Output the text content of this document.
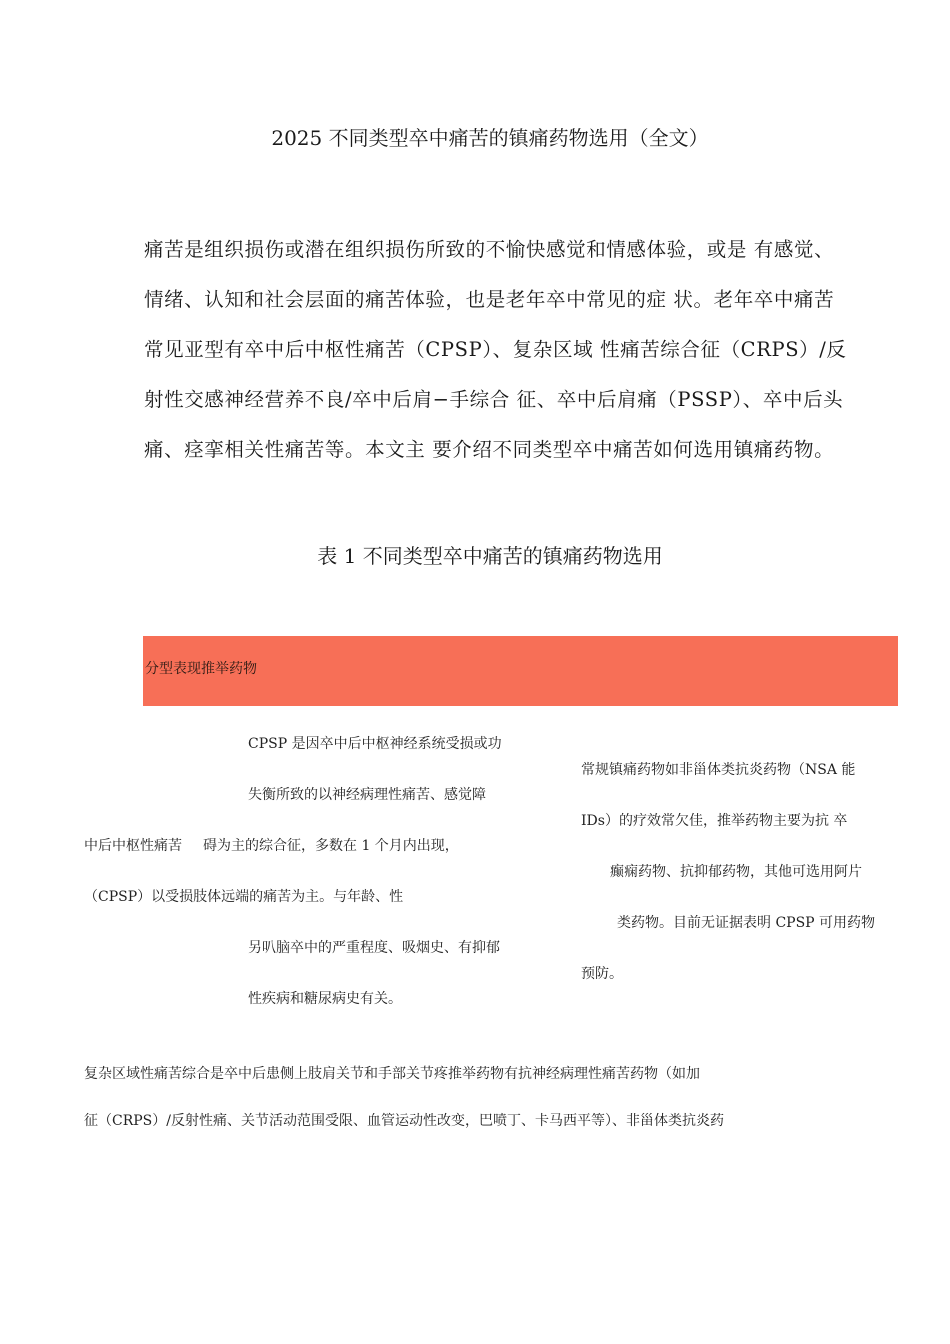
2025 不同类型卒中痛苦的镇痛药物选用（全文）
痛苦是组织损伤或潜在组织损伤所致的不愉快感觉和情感体验，或是 有感觉、
情绪、认知和社会层面的痛苦体验，也是老年卒中常见的症 状。老年卒中痛苦
常见亚型有卒中后中枢性痛苦（CPSP）、复杂区域 性痛苦综合征（CRPS）/反
射性交感神经营养不良/卒中后肩−手综合 征、卒中后肩痛（PSSP）、卒中后头
痛、痉挛相关性痛苦等。本文主 要介绍不同类型卒中痛苦如何选用镇痛药物。
表 1 不同类型卒中痛苦的镇痛药物选用
分型表现推举药物
CPSP 是因卒中后中枢神经系统受损或功
失衡所致的以神经病理性痛苦、感觉障
中后中枢性痛苦 碍为主的综合征，多数在 1 个月内出现，
（CPSP）以受损肢体远端的痛苦为主。与年龄、性
另叭脑卒中的严重程度、吸烟史、有抑郁
性疾病和糖尿病史有关。
常规镇痛药物如非甾体类抗炎药物（NSA 能
IDs）的疗效常欠佳，推举药物主要为抗 卒
癫痫药物、抗抑郁药物，其他可选用阿片
类药物。目前无证据表明 CPSP 可用药物
预防。
复杂区域性痛苦综合是卒中后患侧上肢肩关节和手部关节疼推举药物有抗神经病理性痛苦药物（如加
征（CRPS）/反射性痛、关节活动范围受限、血管运动性改变，巴喷丁、卡马西平等）、非甾体类抗炎药
